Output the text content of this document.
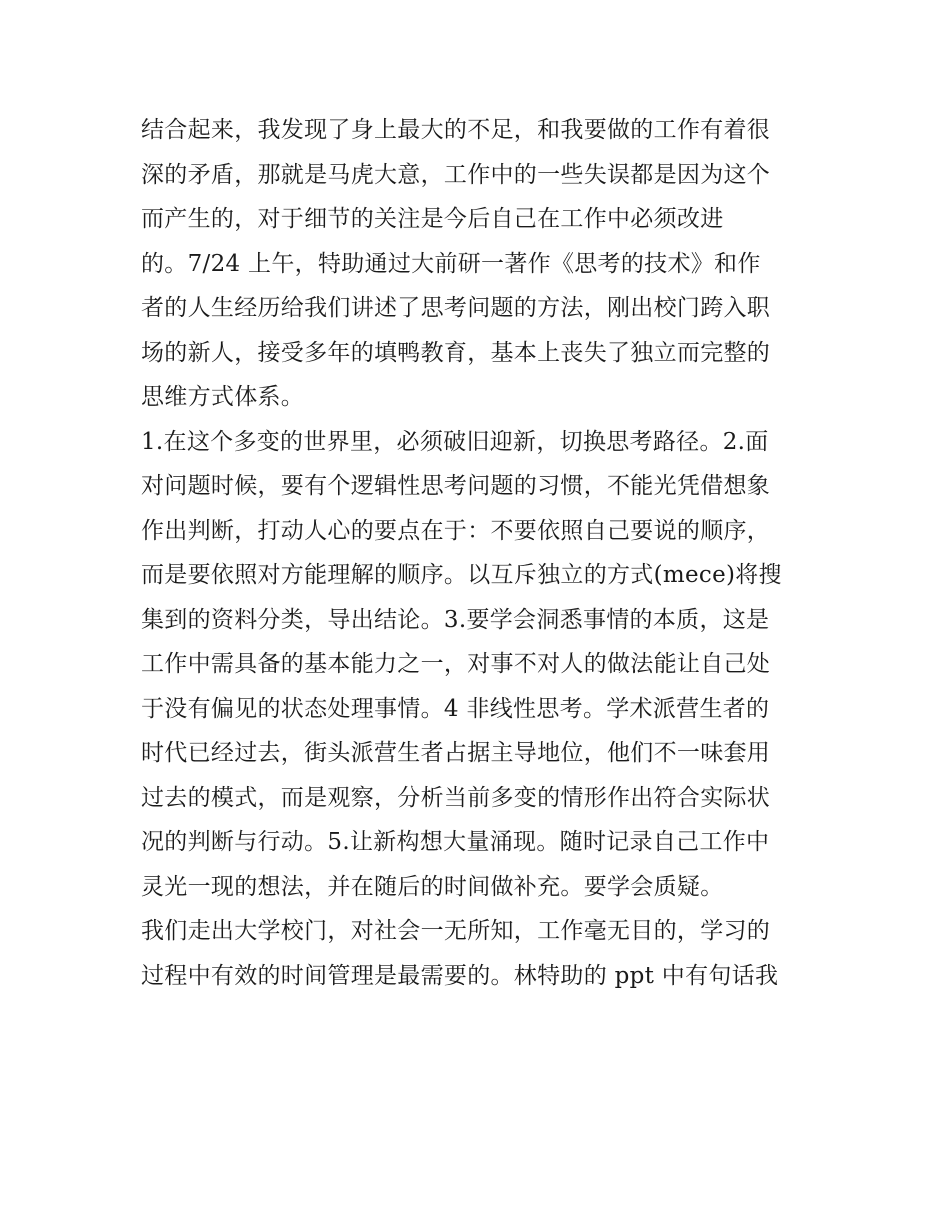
结合起来，我发现了身上最大的不足，和我要做的工作有着很
深的矛盾，那就是马虎大意，工作中的一些失误都是因为这个
而产生的，对于细节的关注是今后自己在工作中必须改进
的。7/24 上午，特助通过大前研一著作《思考的技术》和作
者的人生经历给我们讲述了思考问题的方法，刚出校门跨入职
场的新人，接受多年的填鸭教育，基本上丧失了独立而完整的
思维方式体系。
1.在这个多变的世界里，必须破旧迎新，切换思考路径。2.面
对问题时候，要有个逻辑性思考问题的习惯，不能光凭借想象
作出判断，打动人心的要点在于：不要依照自己要说的顺序，
而是要依照对方能理解的顺序。以互斥独立的方式(mece)将搜
集到的资料分类，导出结论。3.要学会洞悉事情的本质，这是
工作中需具备的基本能力之一，对事不对人的做法能让自己处
于没有偏见的状态处理事情。4 非线性思考。学术派营生者的
时代已经过去，街头派营生者占据主导地位，他们不一味套用
过去的模式，而是观察，分析当前多变的情形作出符合实际状
况的判断与行动。5.让新构想大量涌现。随时记录自己工作中
灵光一现的想法，并在随后的时间做补充。要学会质疑。
我们走出大学校门，对社会一无所知，工作毫无目的，学习的
过程中有效的时间管理是最需要的。林特助的 ppt 中有句话我
